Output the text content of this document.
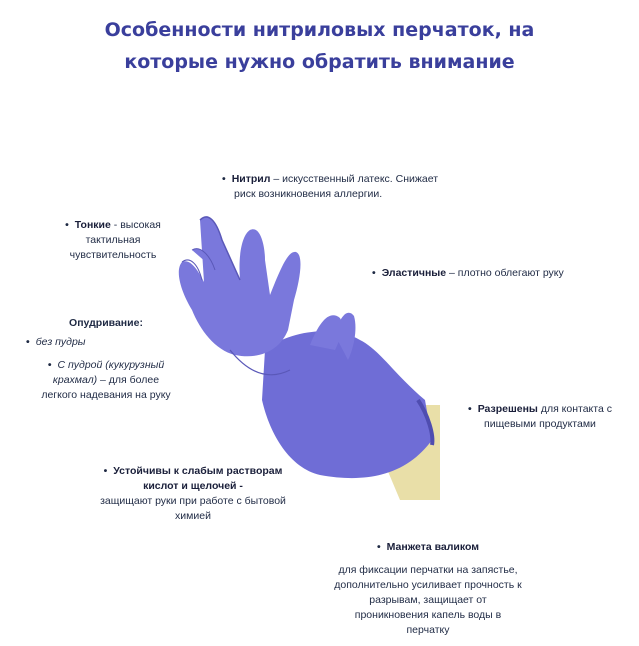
Особенности нитриловых перчаток, на
которые нужно обратить внимание
• Нитрил – искусственный латекс. Снижает
риск возникновения аллергии.
• Тонкие - высокая
тактильная
чувствительность
• Эластичные – плотно облегают руку
Опудривание:
• без пудры
• С пудрой (кукурузный
крахмал) – для более
легкого надевания на руку
• Разрешены для контакта с
пищевыми продуктами
• Устойчивы к слабым растворам
кислот и щелочей -
защищают руки при работе с бытовой
химией
• Манжета валиком
для фиксации перчатки на запястье,
дополнительно усиливает прочность к
разрывам, защищает от
проникновения капель воды в
перчатку
